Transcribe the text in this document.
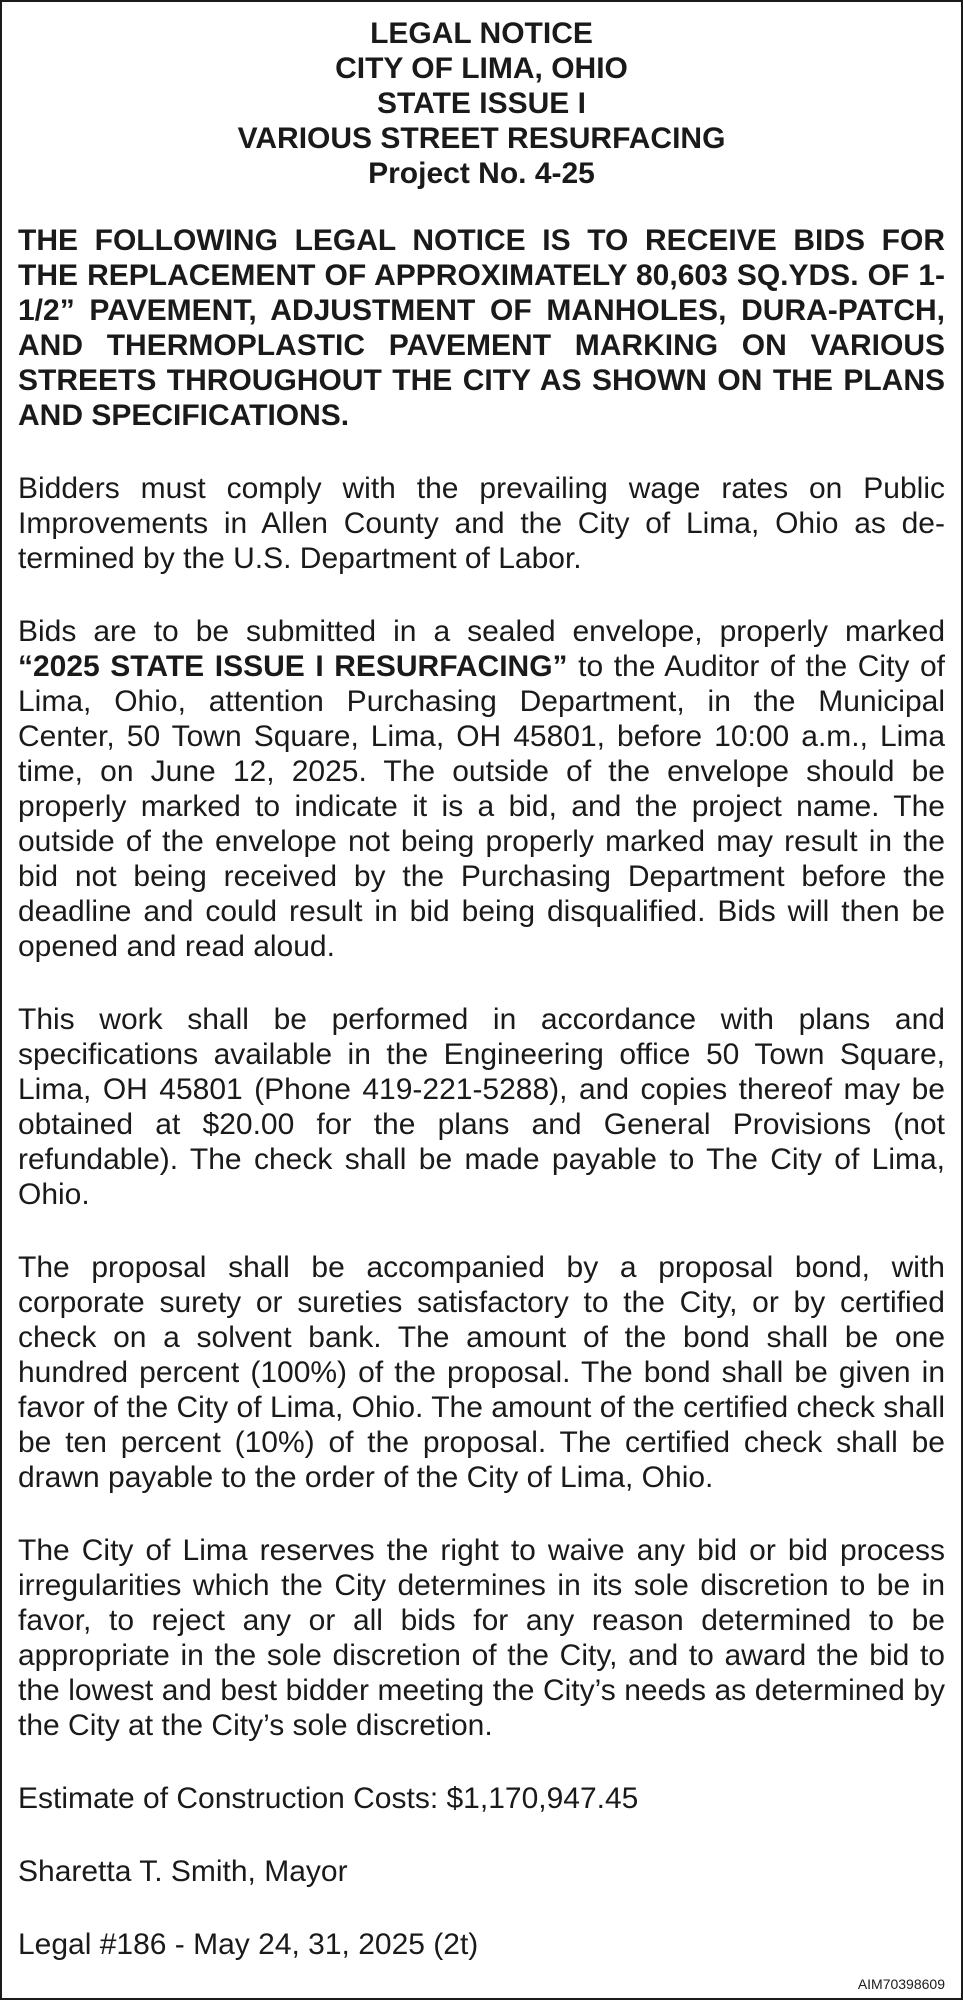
LEGAL NOTICE
CITY OF LIMA, OHIO
STATE ISSUE I
VARIOUS STREET RESURFACING
Project No. 4-25

THE FOLLOWING LEGAL NOTICE IS TO RECEIVE BIDS FOR THE REPLACEMENT OF APPROXIMATELY 80,603 SQ.YDS. OF 1-1/2” PAVEMENT, ADJUSTMENT OF MANHOLES, DURA-PATCH, AND THERMOPLASTIC PAVEMENT MARKING ON VARIOUS STREETS THROUGHOUT THE CITY AS SHOWN ON THE PLANS AND SPECIFICATIONS.

Bidders must comply with the prevailing wage rates on Public Improvements in Allen County and the City of Lima, Ohio as determined by the U.S. Department of Labor.

Bids are to be submitted in a sealed envelope, properly marked “2025 STATE ISSUE I RESURFACING” to the Auditor of the City of Lima, Ohio, attention Purchasing Department, in the Municipal Center, 50 Town Square, Lima, OH 45801, before 10:00 a.m., Lima time, on June 12, 2025. The outside of the envelope should be properly marked to indicate it is a bid, and the project name. The outside of the envelope not being properly marked may result in the bid not being received by the Purchasing Department before the deadline and could result in bid being disqualified. Bids will then be opened and read aloud.

This work shall be performed in accordance with plans and specifications available in the Engineering office 50 Town Square, Lima, OH 45801 (Phone 419-221-5288), and copies thereof may be obtained at $20.00 for the plans and General Provisions (not refundable). The check shall be made payable to The City of Lima, Ohio.

The proposal shall be accompanied by a proposal bond, with corporate surety or sureties satisfactory to the City, or by certified check on a solvent bank. The amount of the bond shall be one hundred percent (100%) of the proposal. The bond shall be given in favor of the City of Lima, Ohio. The amount of the certified check shall be ten percent (10%) of the proposal. The certified check shall be drawn payable to the order of the City of Lima, Ohio.

The City of Lima reserves the right to waive any bid or bid process irregularities which the City determines in its sole discretion to be in favor, to reject any or all bids for any reason determined to be appropriate in the sole discretion of the City, and to award the bid to the lowest and best bidder meeting the City’s needs as determined by the City at the City’s sole discretion.

Estimate of Construction Costs: $1,170,947.45

Sharetta T. Smith, Mayor

Legal #186 - May 24, 31, 2025 (2t)

AIM70398609
